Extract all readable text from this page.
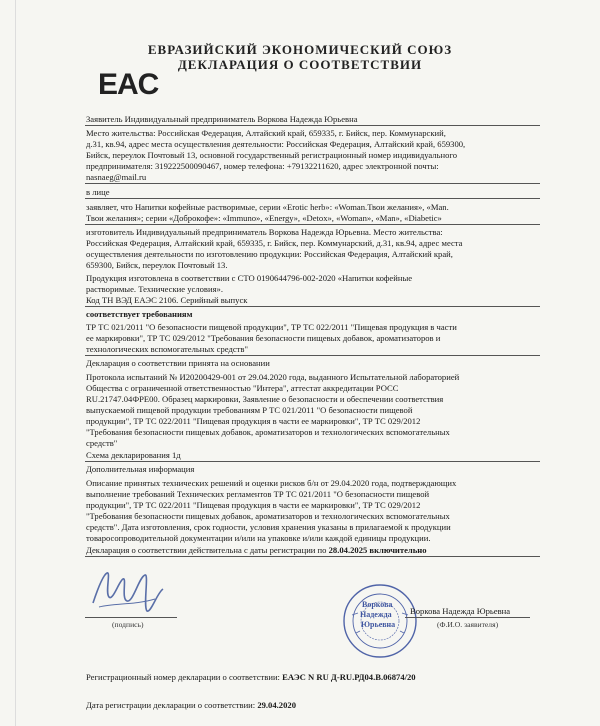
ЕВРАЗИЙСКИЙ ЭКОНОМИЧЕСКИЙ СОЮЗ
ДЕКЛАРАЦИЯ О СООТВЕТСТВИИ
EAC
Заявитель Индивидуальный предприниматель Воркова Надежда Юрьевна
Место жительства: Российская Федерация, Алтайский край, 659335, г. Бийск, пер. Коммунарский,
д.31, кв.94, адрес места осуществления деятельности: Российская Федерация, Алтайский край, 659300,
Бийск, переулок Почтовый 13, основной государственный регистрационный номер индивидуального
предпринимателя: 319222500090467, номер телефона: +79132211620, адрес электронной почты:
nasnaeg@mail.ru
в лице
заявляет, что Напитки кофейные растворимые, серии «Erotic herb»: «Woman.Твои желания», «Man.
Твои желания»; серии «Доброкофе»: «Immuno», «Energy», «Detox», «Woman», «Man», «Diabetic»
изготовитель Индивидуальный предприниматель Воркова Надежда Юрьевна. Место жительства:
Российская Федерация, Алтайский край, 659335, г. Бийск, пер. Коммунарский, д.31, кв.94, адрес места
осуществления деятельности по изготовлению продукции: Российская Федерация, Алтайский край,
659300, Бийск, переулок Почтовый 13.
Продукция изготовлена в соответствии с СТО 0190644796-002-2020 «Напитки кофейные
растворимые. Технические условия».
Код ТН ВЭД ЕАЭС 2106. Серийный выпуск
соответствует требованиям
ТР ТС 021/2011 "О безопасности пищевой продукции", ТР ТС 022/2011 "Пищевая продукция в части
ее маркировки", ТР ТС 029/2012 "Требования безопасности пищевых добавок, ароматизаторов и
технологических вспомогательных средств"
Декларация о соответствии принята на основании
Протокола испытаний № И20200429-001 от 29.04.2020 года, выданного Испытательной лабораторией
Общества с ограниченной ответственностью "Интера", аттестат аккредитации РОСС
RU.21747.04ФРЕ00. Образец маркировки, Заявление о безопасности и обеспечении соответствия
выпускаемой пищевой продукции требованиям Р ТС 021/2011 "О безопасности пищевой
продукции", ТР ТС 022/2011 "Пищевая продукция в части ее маркировки", ТР ТС 029/2012
"Требования безопасности пищевых добавок, ароматизаторов и технологических вспомогательных
средств"
Схема декларирования 1д
Дополнительная информация
Описание принятых технических решений и оценки рисков б/н от 29.04.2020 года, подтверждающих
выполнение требований Технических регламентов ТР ТС 021/2011 "О безопасности пищевой
продукции", ТР ТС 022/2011 "Пищевая продукция в части ее маркировки", ТР ТС 029/2012
"Требования безопасности пищевых добавок, ароматизаторов и технологических вспомогательных
средств". Дата изготовления, срок годности, условия хранения указаны в прилагаемой к продукции
товаросопроводительной документации и/или на упаковке и/или каждой единицы продукции.
Декларация о соответствии действительна с даты регистрации по 28.04.2025 включительно
(подпись)
Воркова
Надежда
Юрьевна
Воркова Надежда Юрьевна
(Ф.И.О. заявителя)
Регистрационный номер декларации о соответствии: ЕАЭС N RU Д-RU.РД04.В.06874/20
Дата регистрации декларации о соответствии: 29.04.2020
